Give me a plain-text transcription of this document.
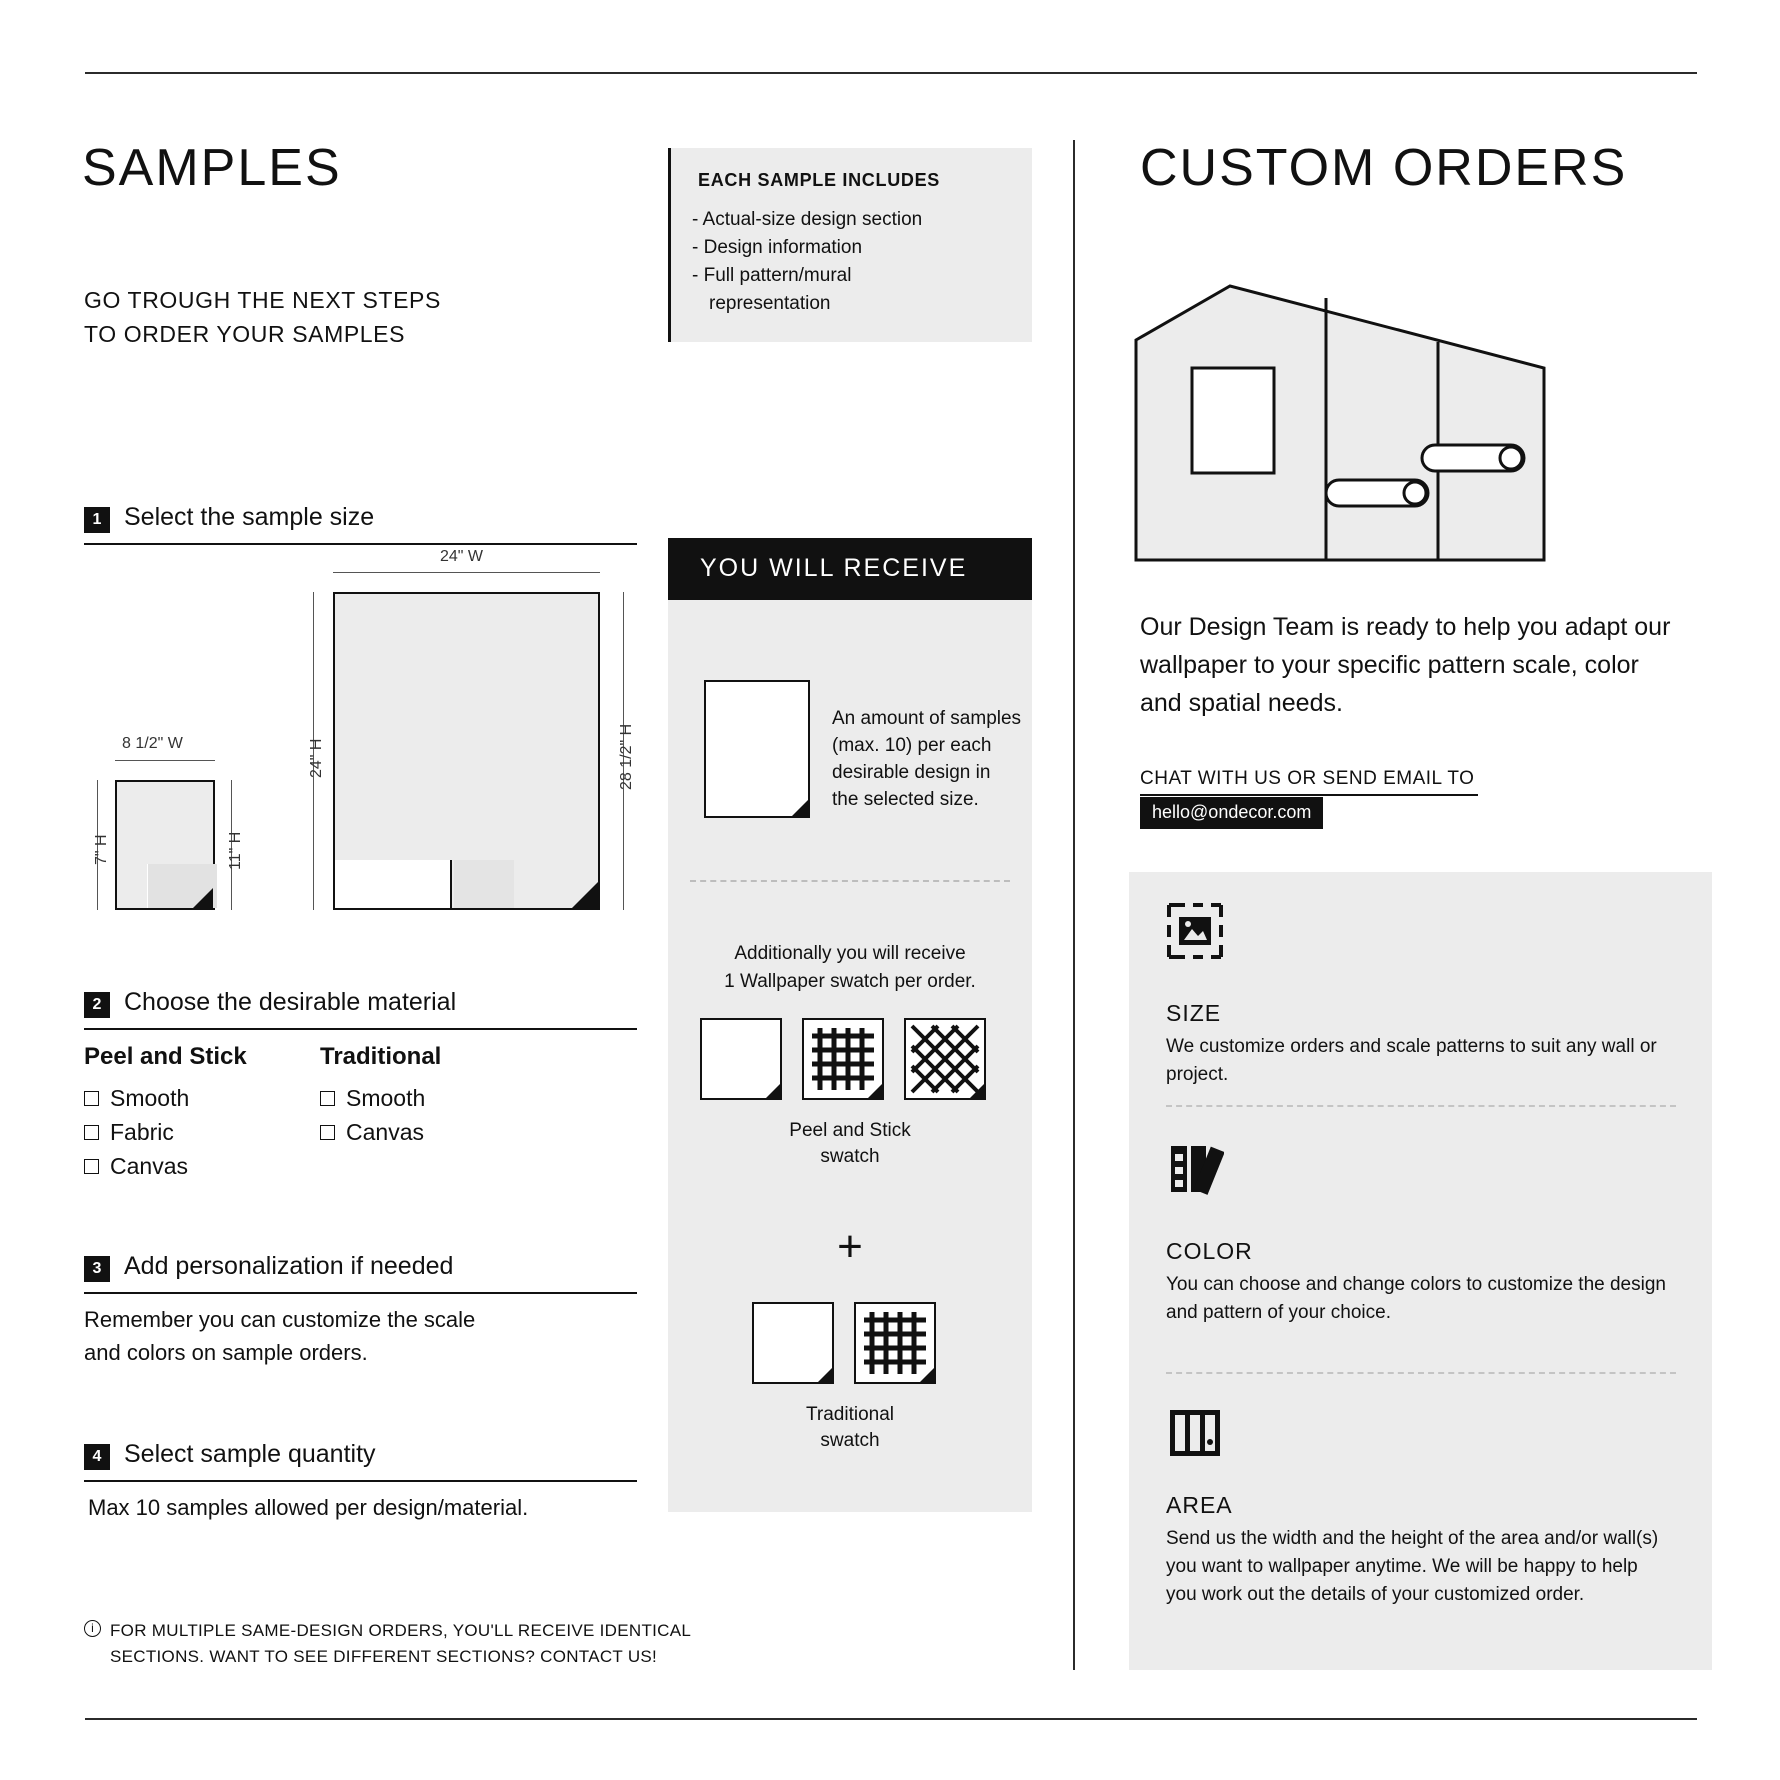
SAMPLES
GO TROUGH THE NEXT STEPS
TO ORDER YOUR SAMPLES
EACH SAMPLE INCLUDES
- Actual-size design section
- Design information
- Full pattern/mural
representation
1 Select the sample size
8 1/2" W
7" H	11" H
24" W
24" H	28 1/2" H
2 Choose the desirable material
Peel and Stick
Smooth
Fabric
Canvas
Traditional
Smooth
Canvas
3 Add personalization if needed
Remember you can customize the scale
and colors on sample orders.
4 Select sample quantity
Max 10 samples allowed per design/material.
i FOR MULTIPLE SAME-DESIGN ORDERS, YOU'LL RECEIVE IDENTICAL
SECTIONS. WANT TO SEE DIFFERENT SECTIONS? CONTACT US!
YOU WILL RECEIVE
An amount of samples (max. 10) per each desirable design in the selected size.
Additionally you will receive
1 Wallpaper swatch per order.
Peel and Stick
swatch
+
Traditional
swatch
CUSTOM ORDERS
Our Design Team is ready to help you adapt our wallpaper to your specific pattern scale, color and spatial needs.
CHAT WITH US OR SEND EMAIL TO
hello@ondecor.com
SIZE
We customize orders and scale patterns to suit any wall or project.
COLOR
You can choose and change colors to customize the design and pattern of your choice.
AREA
Send us the width and the height of the area and/or wall(s) you want to wallpaper anytime. We will be happy to help you work out the details of your customized order.
